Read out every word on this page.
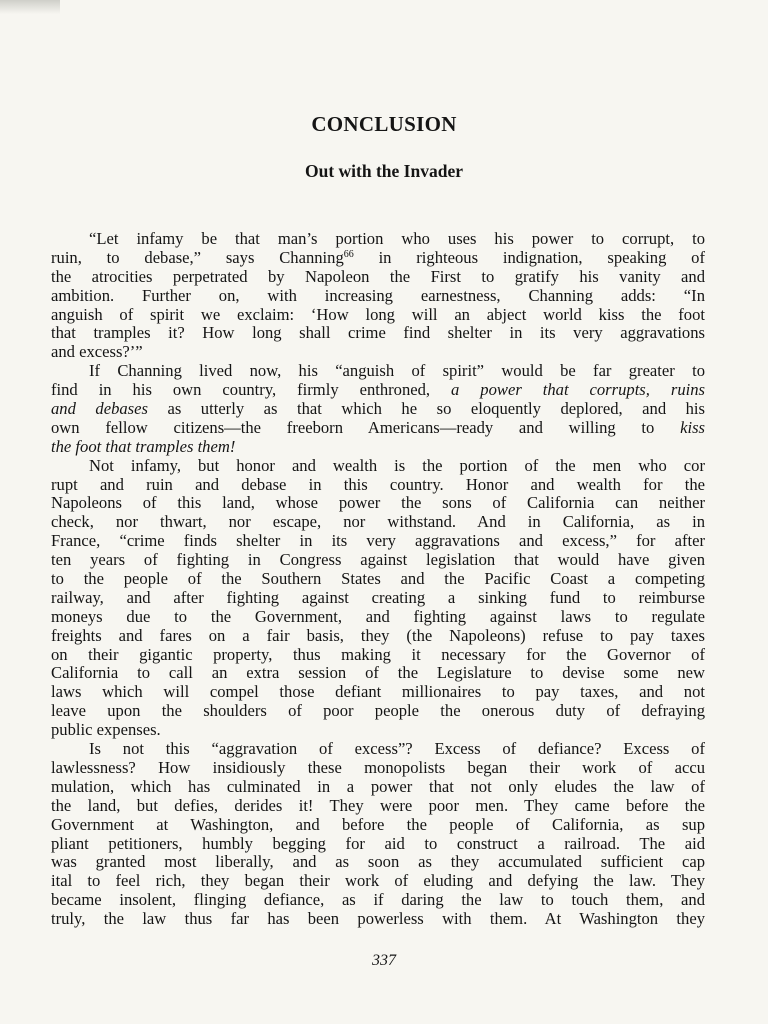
CONCLUSION
Out with the Invader
“Let infamy be that man’s portion who uses his power to corrupt, to
ruin, to debase,” says Channing$^{66}$ in righteous indignation, speaking of
the atrocities perpetrated by Napoleon the First to gratify his vanity and
ambition. Further on, with increasing earnestness, Channing adds: “In
anguish of spirit we exclaim: ‘How long will an abject world kiss the foot
that tramples it? How long shall crime find shelter in its very aggravations
and excess?’”
If Channing lived now, his “anguish of spirit” would be far greater to
find in his own country, firmly enthroned, a power that corrupts, ruins
and debases as utterly as that which he so eloquently deplored, and his
own fellow citizens—the freeborn Americans—ready and willing to kiss
the foot that tramples them!
Not infamy, but honor and wealth is the portion of the men who cor
rupt and ruin and debase in this country. Honor and wealth for the
Napoleons of this land, whose power the sons of California can neither
check, nor thwart, nor escape, nor withstand. And in California, as in
France, “crime finds shelter in its very aggravations and excess,” for after
ten years of fighting in Congress against legislation that would have given
to the people of the Southern States and the Pacific Coast a competing
railway, and after fighting against creating a sinking fund to reimburse
moneys due to the Government, and fighting against laws to regulate
freights and fares on a fair basis, they (the Napoleons) refuse to pay taxes
on their gigantic property, thus making it necessary for the Governor of
California to call an extra session of the Legislature to devise some new
laws which will compel those defiant millionaires to pay taxes, and not
leave upon the shoulders of poor people the onerous duty of defraying
public expenses.
Is not this “aggravation of excess”? Excess of defiance? Excess of
lawlessness? How insidiously these monopolists began their work of accu
mulation, which has culminated in a power that not only eludes the law of
the land, but defies, derides it! They were poor men. They came before the
Government at Washington, and before the people of California, as sup
pliant petitioners, humbly begging for aid to construct a railroad. The aid
was granted most liberally, and as soon as they accumulated sufficient cap
ital to feel rich, they began their work of eluding and defying the law. They
became insolent, flinging defiance, as if daring the law to touch them, and
truly, the law thus far has been powerless with them. At Washington they
337
